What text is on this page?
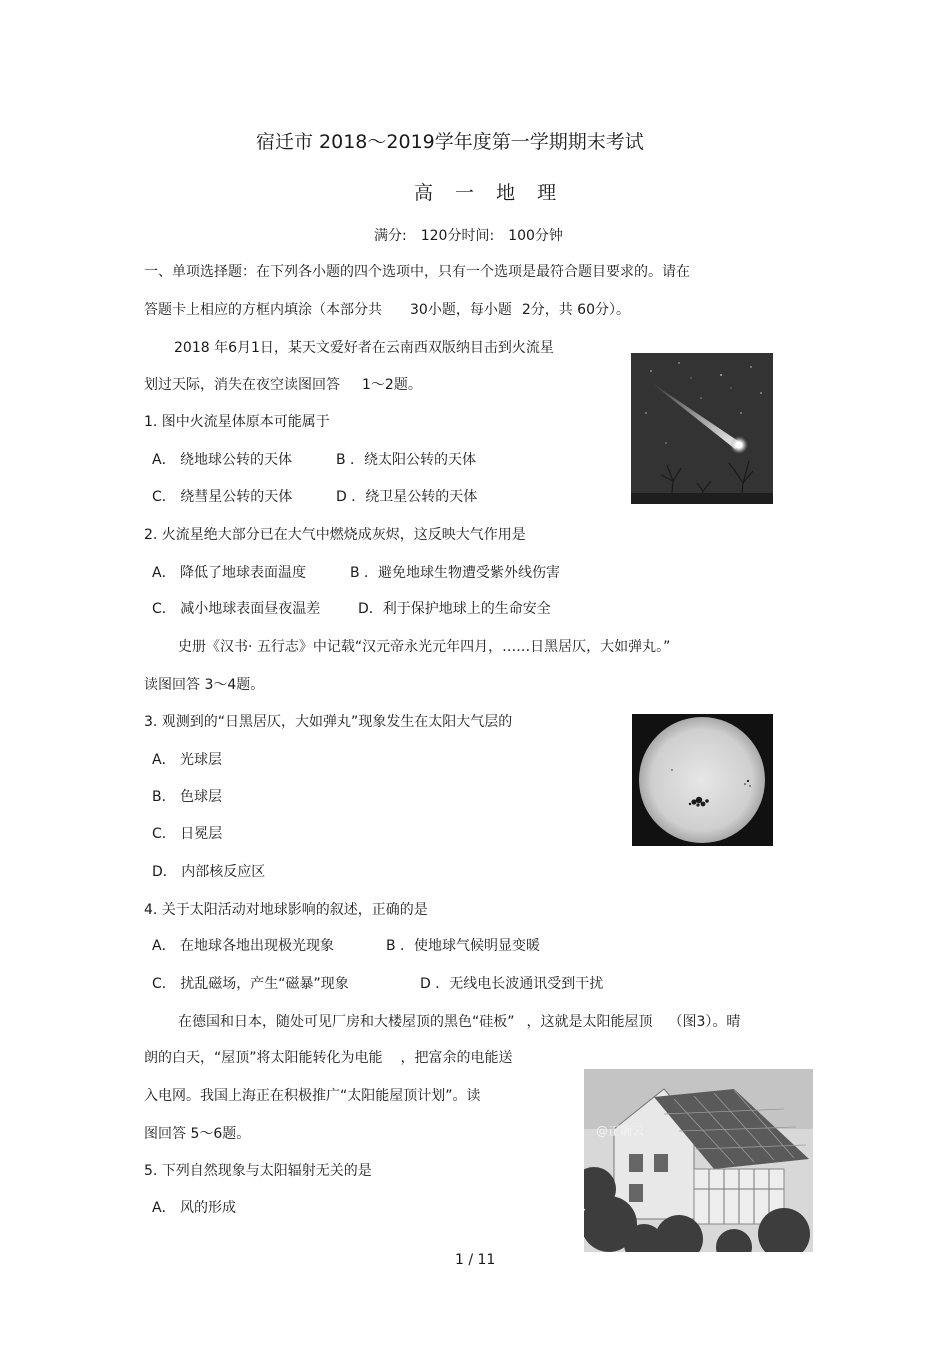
宿迁市 2018～2019学年度第一学期期末考试
高 一 地 理
满分: 120分时间: 100分钟
一、单项选择题：在下列各小题的四个选项中，只有一个选项是最符合题目要求的。请在
答题卡上相应的方框内填涂（本部分共 30小题，每小题 2分，共 60分）。
2018 年6月1日，某天文爱好者在云南西双版纳目击到火流星
划过天际，消失在夜空读图回答 1～2题。
1. 图中火流星体原本可能属于
A． 绕地球公转的天体	B ．绕太阳公转的天体
C． 绕彗星公转的天体	D ．绕卫星公转的天体
2. 火流星绝大部分已在大气中燃烧成灰烬，这反映大气作用是
A． 降低了地球表面温度	B ．避免地球生物遭受紫外线伤害
C． 减小地球表面昼夜温差	D．利于保护地球上的生命安全
史册《汉书· 五行志》中记载“汉元帝永光元年四月，……日黑居仄，大如弹丸。”
读图回答 3～4题。
3. 观测到的“日黑居仄，大如弹丸”现象发生在太阳大气层的
A． 光球层
B． 色球层
C． 日冕层
D． 内部核反应区
4. 关于太阳活动对地球影响的叙述，正确的是
A． 在地球各地出现极光现象	B ．使地球气候明显变暖
C． 扰乱磁场，产生“磁暴”现象	D ．无线电长波通讯受到干扰
在德国和日本，随处可见厂房和大楼屋顶的黑色“硅板” ，这就是太阳能屋顶 （图3）。晴
朗的白天，“屋顶”将太阳能转化为电能 ，把富余的电能送
入电网。我国上海正在积极推广“太阳能屋顶计划”。读
图回答 5～6题。
5. 下列自然现象与太阳辐射无关的是
A． 风的形成
1 / 11
@正确云
